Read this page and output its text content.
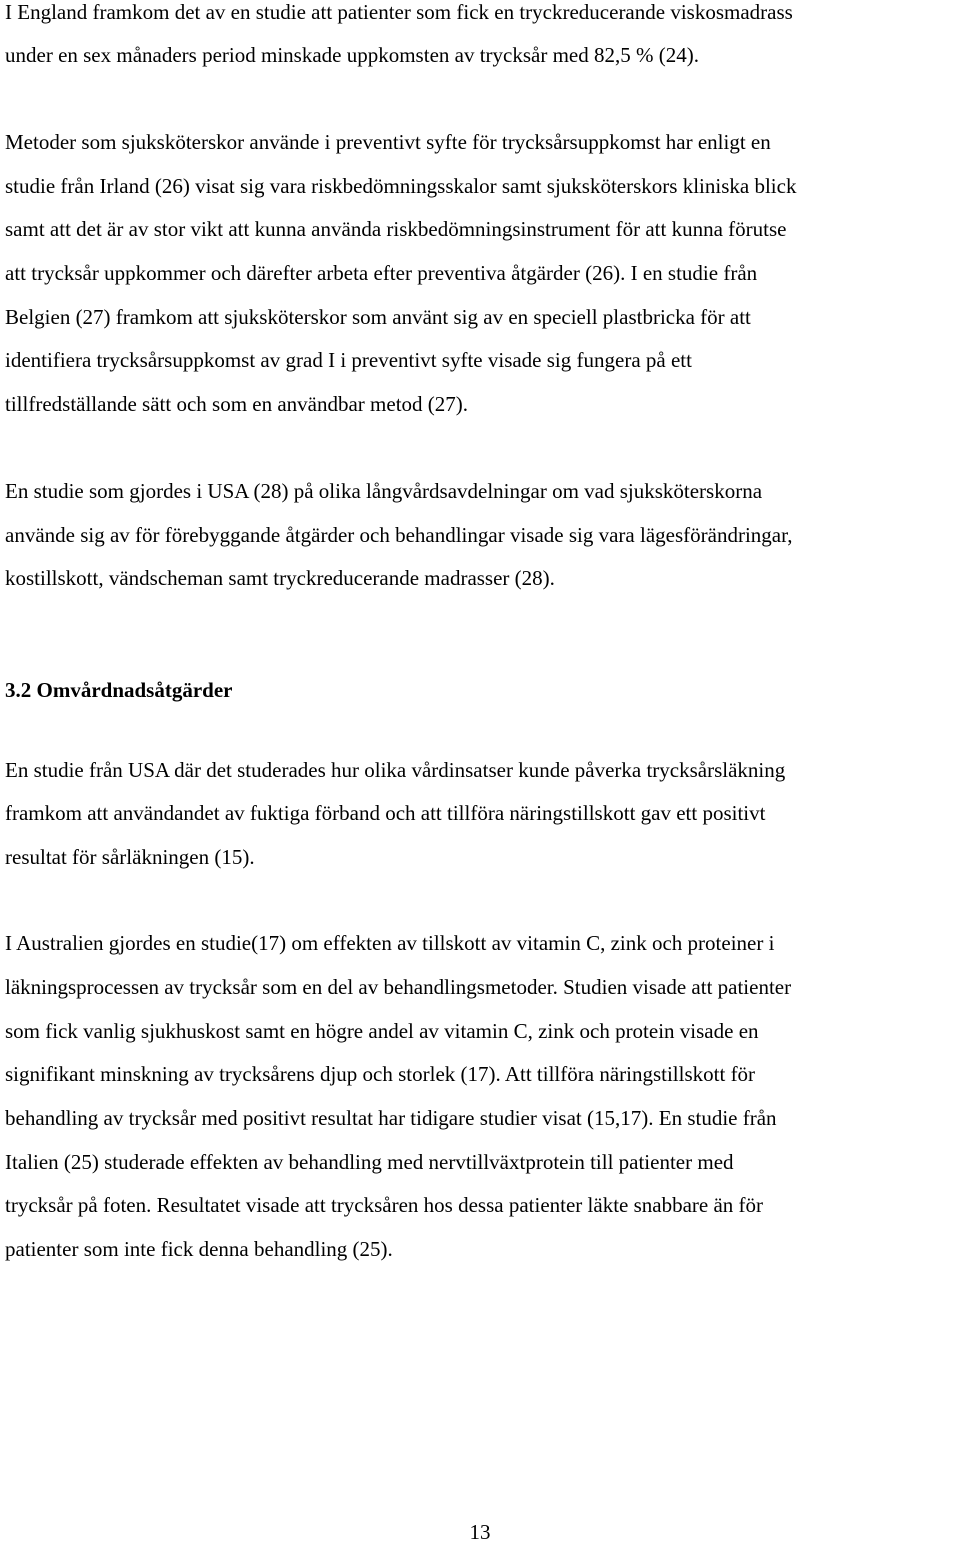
I England framkom det av en studie att patienter som fick en tryckreducerande viskosmadrass

under en sex månaders period minskade uppkomsten av trycksår med 82,5 % (24).

Metoder som sjuksköterskor använde i preventivt syfte för trycksårsuppkomst har enligt en

studie från Irland (26) visat sig vara riskbedömningsskalor samt sjuksköterskors kliniska blick

samt att det är av stor vikt att kunna använda riskbedömningsinstrument för att kunna förutse

att trycksår uppkommer och därefter arbeta efter preventiva åtgärder (26). I en studie från

Belgien (27) framkom att sjuksköterskor som använt sig av en speciell plastbricka för att

identifiera trycksårsuppkomst av grad I i preventivt syfte visade sig fungera på ett

tillfredställande sätt och som en användbar metod (27).

En studie som gjordes i USA (28) på olika långvårdsavdelningar om vad sjuksköterskorna

använde sig av för förebyggande åtgärder och behandlingar visade sig vara lägesförändringar,

kostillskott, vändscheman samt tryckreducerande madrasser (28).

3.2 Omvårdnadsåtgärder

En studie från USA där det studerades hur olika vårdinsatser kunde påverka trycksårsläkning

framkom att användandet av fuktiga förband och att tillföra näringstillskott gav ett positivt

resultat för sårläkningen (15).

I Australien gjordes en studie(17) om effekten av tillskott av vitamin C, zink och proteiner i

läkningsprocessen av trycksår som en del av behandlingsmetoder. Studien visade att patienter

som fick vanlig sjukhuskost samt en högre andel av vitamin C, zink och protein visade en

signifikant minskning av trycksårens djup och storlek (17). Att tillföra näringstillskott för

behandling av trycksår med positivt resultat har tidigare studier visat (15,17). En studie från

Italien (25) studerade effekten av behandling med nervtillväxtprotein till patienter med

trycksår på foten. Resultatet visade att trycksåren hos dessa patienter läkte snabbare än för

patienter som inte fick denna behandling (25).

13
